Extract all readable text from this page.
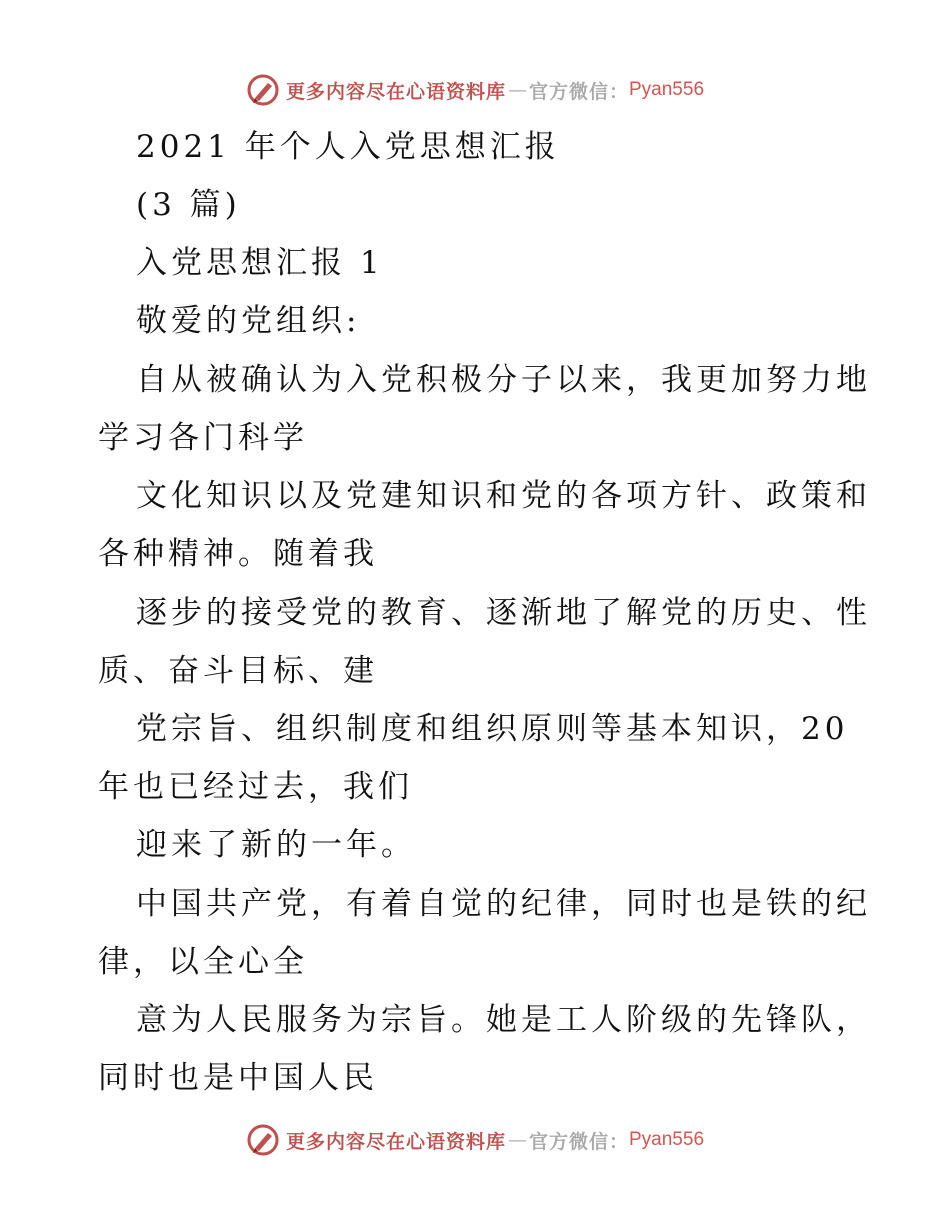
更多内容尽在心语资料库 — 官方微信： Pyan556
2021 年个人入党思想汇报
(3 篇)
入党思想汇报 1
敬爱的党组织:
自从被确认为入党积极分子以来，我更加努力地
学习各门科学
文化知识以及党建知识和党的各项方针、政策和
各种精神。随着我
逐步的接受党的教育、逐渐地了解党的历史、性
质、奋斗目标、建
党宗旨、组织制度和组织原则等基本知识，20
年也已经过去，我们
迎来了新的一年。
中国共产党，有着自觉的纪律，同时也是铁的纪
律，以全心全
意为人民服务为宗旨。她是工人阶级的先锋队，
同时也是中国人民
更多内容尽在心语资料库 — 官方微信： Pyan556
